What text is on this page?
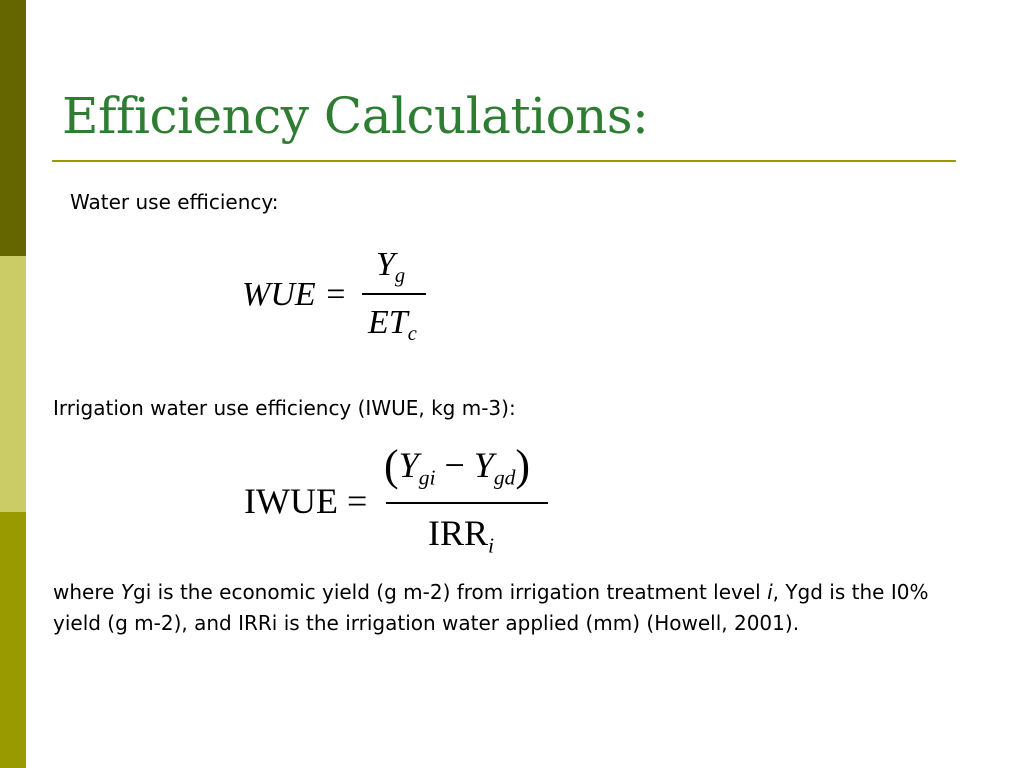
Efficiency Calculations:

Water use efficiency:

WUE =
$Y_g$
$ET_c$

Irrigation water use efficiency (IWUE, kg m-3):

IWUE =
$(Y_{gi} - Y_{gd})$
$IRR_i$

where Ygi is the economic yield (g m-2) from irrigation treatment level i, Ygd is the I0% yield (g m-2), and IRRi is the irrigation water applied (mm) (Howell, 2001).
